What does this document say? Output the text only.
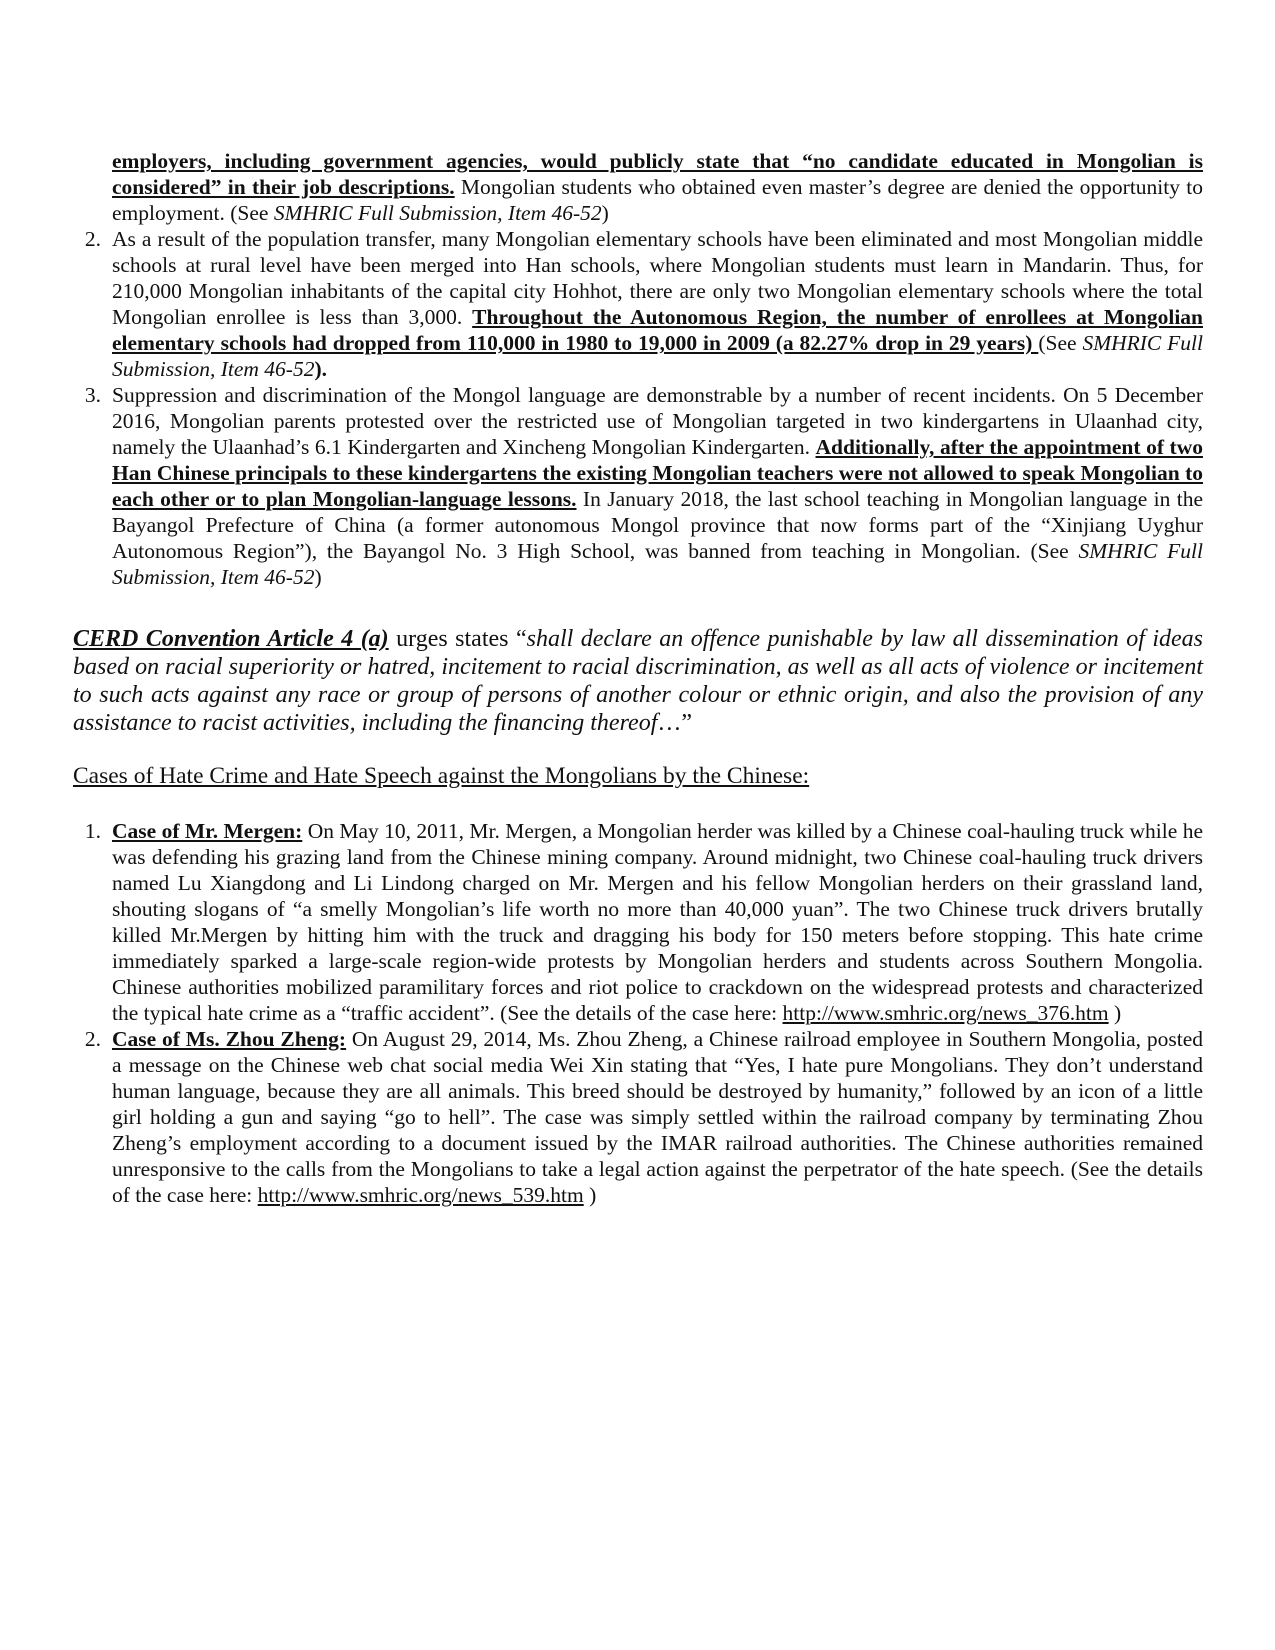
employers, including government agencies, would publicly state that “no candidate educated in Mongolian is considered” in their job descriptions. Mongolian students who obtained even master’s degree are denied the opportunity to employment. (See SMHRIC Full Submission, Item 46-52)
2. As a result of the population transfer, many Mongolian elementary schools have been eliminated and most Mongolian middle schools at rural level have been merged into Han schools, where Mongolian students must learn in Mandarin. Thus, for 210,000 Mongolian inhabitants of the capital city Hohhot, there are only two Mongolian elementary schools where the total Mongolian enrollee is less than 3,000. Throughout the Autonomous Region, the number of enrollees at Mongolian elementary schools had dropped from 110,000 in 1980 to 19,000 in 2009 (a 82.27% drop in 29 years) (See SMHRIC Full Submission, Item 46-52).
3. Suppression and discrimination of the Mongol language are demonstrable by a number of recent incidents. On 5 December 2016, Mongolian parents protested over the restricted use of Mongolian targeted in two kindergartens in Ulaanhad city, namely the Ulaanhad’s 6.1 Kindergarten and Xincheng Mongolian Kindergarten. Additionally, after the appointment of two Han Chinese principals to these kindergartens the existing Mongolian teachers were not allowed to speak Mongolian to each other or to plan Mongolian-language lessons. In January 2018, the last school teaching in Mongolian language in the Bayangol Prefecture of China (a former autonomous Mongol province that now forms part of the “Xinjiang Uyghur Autonomous Region”), the Bayangol No. 3 High School, was banned from teaching in Mongolian. (See SMHRIC Full Submission, Item 46-52)
CERD Convention Article 4 (a) urges states “shall declare an offence punishable by law all dissemination of ideas based on racial superiority or hatred, incitement to racial discrimination, as well as all acts of violence or incitement to such acts against any race or group of persons of another colour or ethnic origin, and also the provision of any assistance to racist activities, including the financing thereof…”
Cases of Hate Crime and Hate Speech against the Mongolians by the Chinese:
1. Case of Mr. Mergen: On May 10, 2011, Mr. Mergen, a Mongolian herder was killed by a Chinese coal-hauling truck while he was defending his grazing land from the Chinese mining company. Around midnight, two Chinese coal-hauling truck drivers named Lu Xiangdong and Li Lindong charged on Mr. Mergen and his fellow Mongolian herders on their grassland land, shouting slogans of “a smelly Mongolian’s life worth no more than 40,000 yuan”. The two Chinese truck drivers brutally killed Mr.Mergen by hitting him with the truck and dragging his body for 150 meters before stopping. This hate crime immediately sparked a large-scale region-wide protests by Mongolian herders and students across Southern Mongolia. Chinese authorities mobilized paramilitary forces and riot police to crackdown on the widespread protests and characterized the typical hate crime as a “traffic accident”. (See the details of the case here: http://www.smhric.org/news_376.htm )
2. Case of Ms. Zhou Zheng: On August 29, 2014, Ms. Zhou Zheng, a Chinese railroad employee in Southern Mongolia, posted a message on the Chinese web chat social media Wei Xin stating that “Yes, I hate pure Mongolians. They don’t understand human language, because they are all animals. This breed should be destroyed by humanity,” followed by an icon of a little girl holding a gun and saying “go to hell”. The case was simply settled within the railroad company by terminating Zhou Zheng’s employment according to a document issued by the IMAR railroad authorities. The Chinese authorities remained unresponsive to the calls from the Mongolians to take a legal action against the perpetrator of the hate speech. (See the details of the case here: http://www.smhric.org/news_539.htm )
